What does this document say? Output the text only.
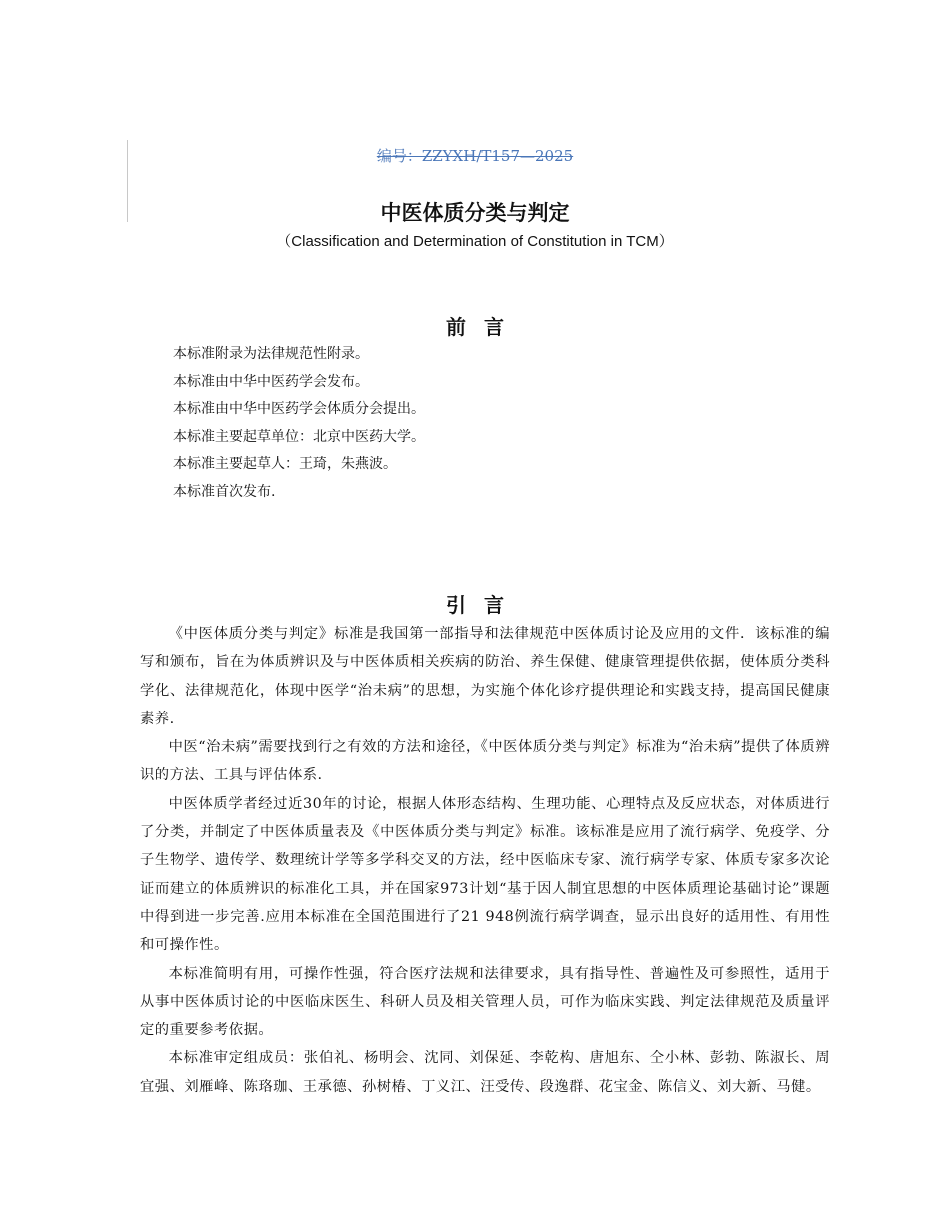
编号：ZZYXH/T157—2025
中医体质分类与判定
（Classification and Determination of Constitution in TCM）
前言
本标准附录为法律规范性附录。
本标准由中华中医药学会发布。
本标准由中华中医药学会体质分会提出。
本标准主要起草单位：北京中医药大学。
本标准主要起草人：王琦，朱燕波。
本标准首次发布.
引言

《中医体质分类与判定》标准是我国第一部指导和法律规范中医体质讨论及应用的文件．该标准的编写和颁布，旨在为体质辨识及与中医体质相关疾病的防治、养生保健、健康管理提供依据，使体质分类科学化、法律规范化，体现中医学“治未病”的思想，为实施个体化诊疗提供理论和实践支持，提高国民健康素养.

中医“治未病”需要找到行之有效的方法和途径，《中医体质分类与判定》标准为“治未病”提供了体质辨识的方法、工具与评估体系.

中医体质学者经过近30年的讨论，根据人体形态结构、生理功能、心理特点及反应状态，对体质进行了分类，并制定了中医体质量表及《中医体质分类与判定》标准。该标准是应用了流行病学、免疫学、分子生物学、遗传学、数理统计学等多学科交叉的方法，经中医临床专家、流行病学专家、体质专家多次论证而建立的体质辨识的标准化工具，并在国家973计划“基于因人制宜思想的中医体质理论基础讨论”课题中得到进一步完善.应用本标准在全国范围进行了21 948例流行病学调查，显示出良好的适用性、有用性和可操作性。

本标准简明有用，可操作性强，符合医疗法规和法律要求，具有指导性、普遍性及可参照性，适用于从事中医体质讨论的中医临床医生、科研人员及相关管理人员，可作为临床实践、判定法律规范及质量评定的重要参考依据。

本标准审定组成员：张伯礼、杨明会、沈同、刘保延、李乾构、唐旭东、仝小林、彭勃、陈淑长、周宜强、刘雁峰、陈珞珈、王承德、孙树椿、丁义江、汪受传、段逸群、花宝金、陈信义、刘大新、马健。
